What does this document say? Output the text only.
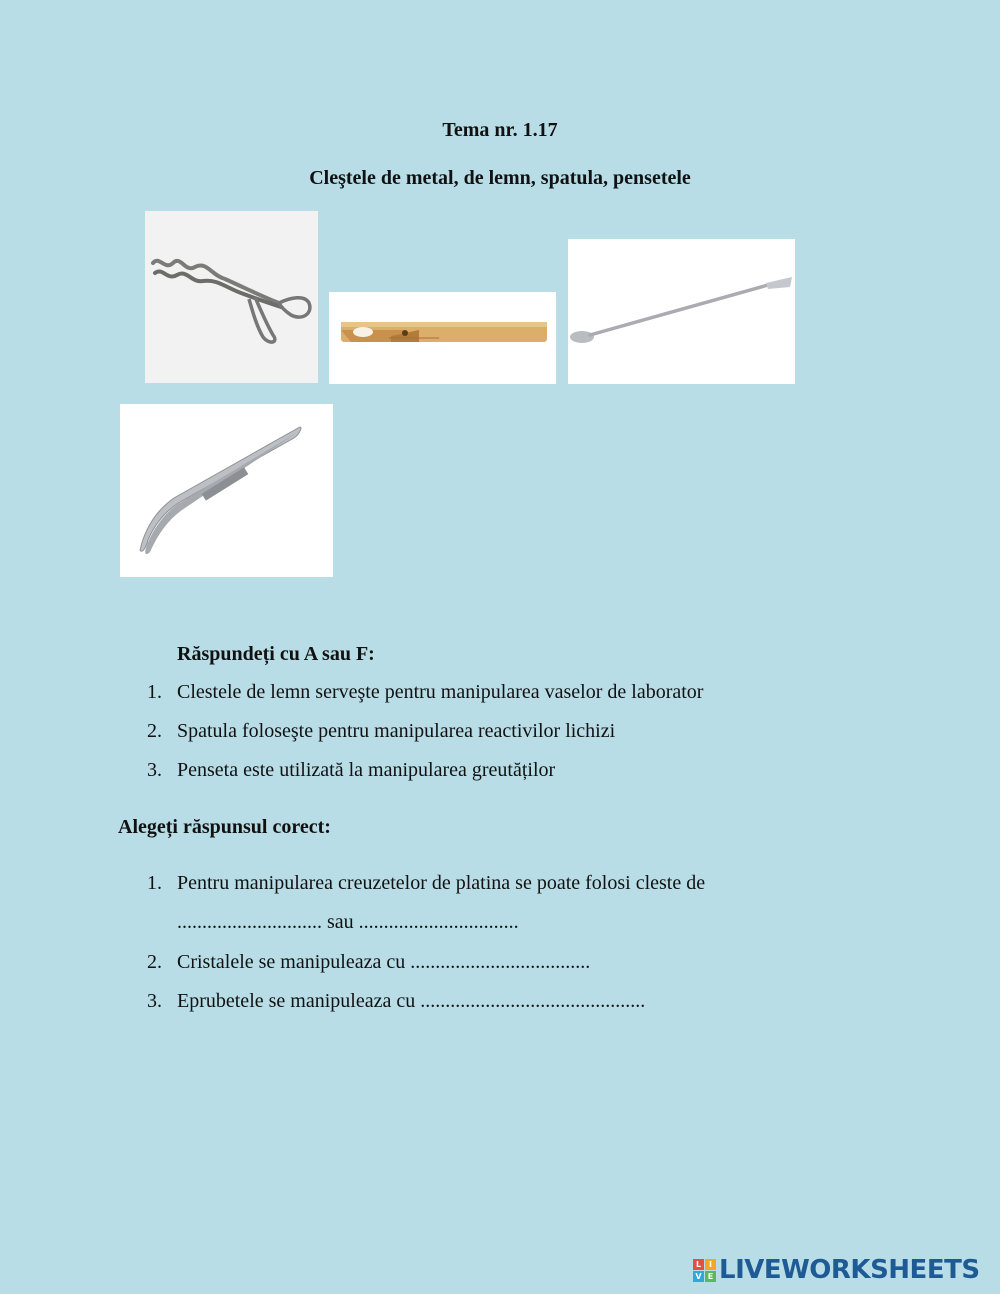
Tema nr. 1.17
Cleştele de metal, de lemn, spatula, pensetele
Răspundeți cu A sau F:
1. Clestele de lemn serveşte pentru manipularea vaselor de laborator
2. Spatula foloseşte pentru manipularea reactivilor lichizi
3. Penseta este utilizată la manipularea greutăților
Alegeți răspunsul corect:
1. Pentru manipularea creuzetelor de platina se poate folosi cleste de
............................. sau ................................
2. Cristalele se manipuleaza cu ....................................
3. Eprubetele se manipuleaza cu .............................................
L I
V E LIVEWORKSHEETS
